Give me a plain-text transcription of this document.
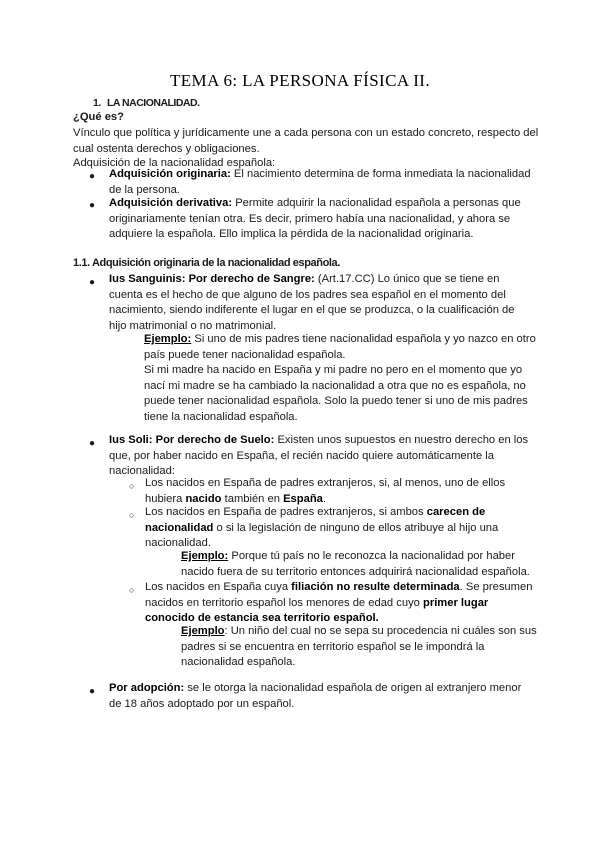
TEMA 6: LA PERSONA FÍSICA II.
1. LA NACIONALIDAD.
¿Qué es?
Vínculo que política y jurídicamente une a cada persona con un estado concreto, respecto del cual ostenta derechos y obligaciones.
Adquisición de la nacionalidad española:
●	Adquisición originaria: El nacimiento determina de forma inmediata la nacionalidad de la persona.
●	Adquisición derivativa: Permite adquirir la nacionalidad española a personas que originariamente tenían otra. Es decir, primero había una nacionalidad, y ahora se adquiere la española. Ello implica la pérdida de la nacionalidad originaria.
1.1. Adquisición originaria de la nacionalidad española.
●	Ius Sanguinis: Por derecho de Sangre: (Art.17.CC) Lo único que se tiene en cuenta es el hecho de que alguno de los padres sea español en el momento del nacimiento, siendo indiferente el lugar en el que se produzca, o la cualificación de hijo matrimonial o no matrimonial.
Ejemplo: Si uno de mis padres tiene nacionalidad española y yo nazco en otro país puede tener nacionalidad española.
Si mi madre ha nacido en España y mi padre no pero en el momento que yo nací mi madre se ha cambiado la nacionalidad a otra que no es española, no puede tener nacionalidad española. Solo la puedo tener si uno de mis padres tiene la nacionalidad española.
●	Ius Soli: Por derecho de Suelo: Existen unos supuestos en nuestro derecho en los que, por haber nacido en España, el recién nacido quiere automáticamente la nacionalidad:
○ Los nacidos en España de padres extranjeros, si, al menos, uno de ellos hubiera nacido también en España.
○ Los nacidos en España de padres extranjeros, si ambos carecen de nacionalidad o si la legislación de ninguno de ellos atribuye al hijo una nacionalidad.
Ejemplo: Porque tú país no le reconozca la nacionalidad por haber nacido fuera de su territorio entonces adquirirá nacionalidad española.
○ Los nacidos en España cuya filiación no resulte determinada. Se presumen nacidos en territorio español los menores de edad cuyo primer lugar conocido de estancia sea territorio español.
Ejemplo: Un niño del cual no se sepa su procedencia ni cuáles son sus padres si se encuentra en territorio español se le impondrá la nacionalidad española.
●	Por adopción: se le otorga la nacionalidad española de origen al extranjero menor de 18 años adoptado por un español.
